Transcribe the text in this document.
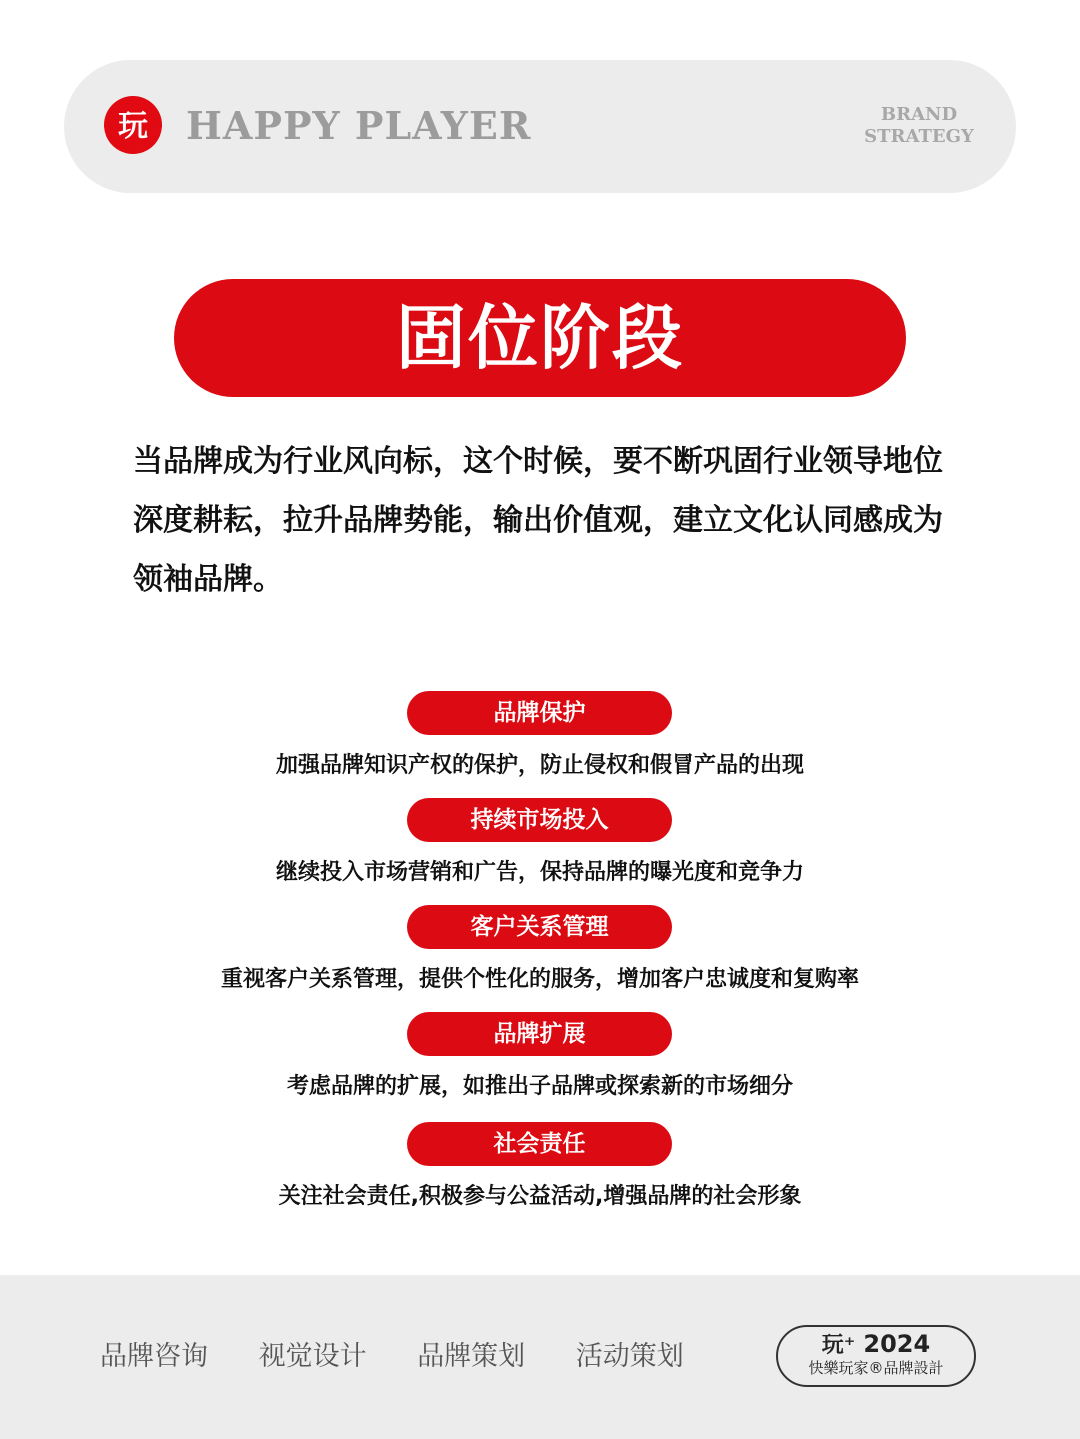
玩 HAPPY PLAYER	BRAND
STRATEGY
固位阶段
当品牌成为行业风向标，这个时候，要不断巩固行业领导地位深度耕耘，拉升品牌势能，输出价值观，建立文化认同感成为领袖品牌。
品牌保护
加强品牌知识产权的保护，防止侵权和假冒产品的出现
持续市场投入
继续投入市场营销和广告，保持品牌的曝光度和竞争力
客户关系管理
重视客户关系管理，提供个性化的服务，增加客户忠诚度和复购率
品牌扩展
考虑品牌的扩展，如推出子品牌或探索新的市场细分
社会责任
关注社会责任,积极参与公益活动,增强品牌的社会形象
品牌咨询 视觉设计 品牌策划 活动策划	玩⁺ 2024
快樂玩家®品牌設計
